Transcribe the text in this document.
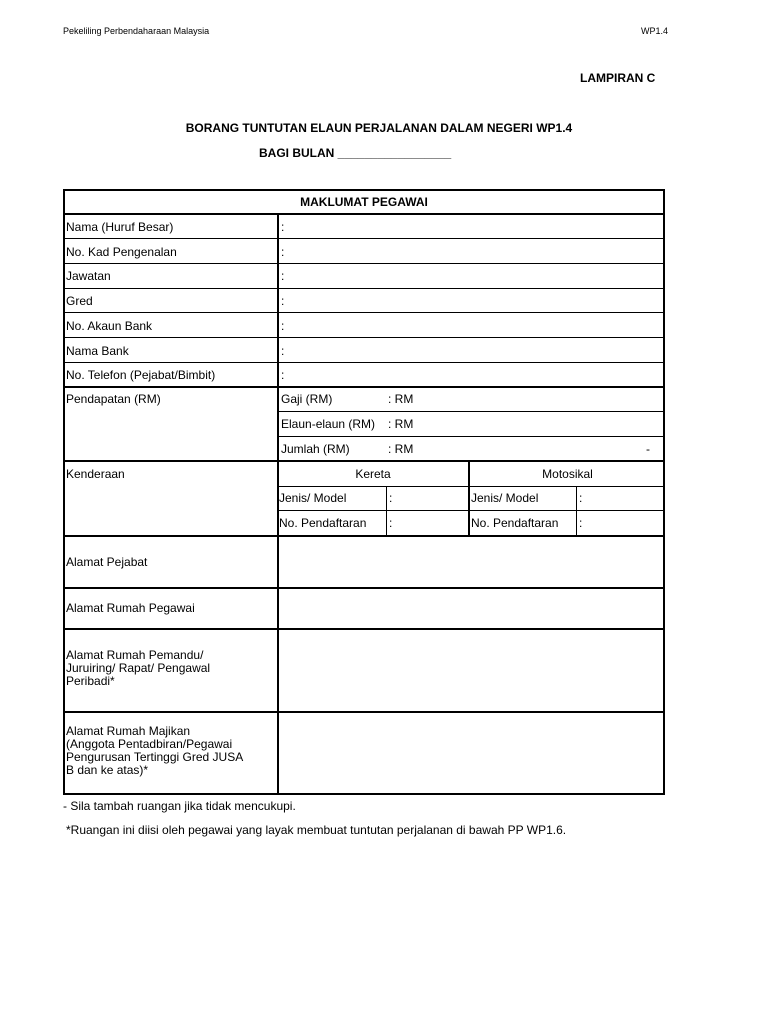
Pekeliling Perbendaharaan Malaysia	WP1.4
LAMPIRAN C
BORANG TUNTUTAN ELAUN PERJALANAN DALAM NEGERI WP1.4
BAGI BULAN _________________
MAKLUMAT PEGAWAI
Nama (Huruf Besar)	:
No. Kad Pengenalan	:
Jawatan	:
Gred	:
No. Akaun Bank	:
Nama Bank	:
No. Telefon (Pejabat/Bimbit)	:
Pendapatan (RM)	Gaji (RM)	: RM
Elaun-elaun (RM) : RM
Jumlah (RM)	: RM	-
Kenderaan	Kereta	Motosikal
Jenis/ Model	:	Jenis/ Model	:
No. Pendaftaran :	No. Pendaftaran :
Alamat Pejabat
Alamat Rumah Pegawai
Alamat Rumah Pemandu/
Juruiring/ Rapat/ Pengawal
Peribadi*
Alamat Rumah Majikan
(Anggota Pentadbiran/Pegawai
Pengurusan Tertinggi Gred JUSA
B dan ke atas)*
- Sila tambah ruangan jika tidak mencukupi.
*Ruangan ini diisi oleh pegawai yang layak membuat tuntutan perjalanan di bawah PP WP1.6.
